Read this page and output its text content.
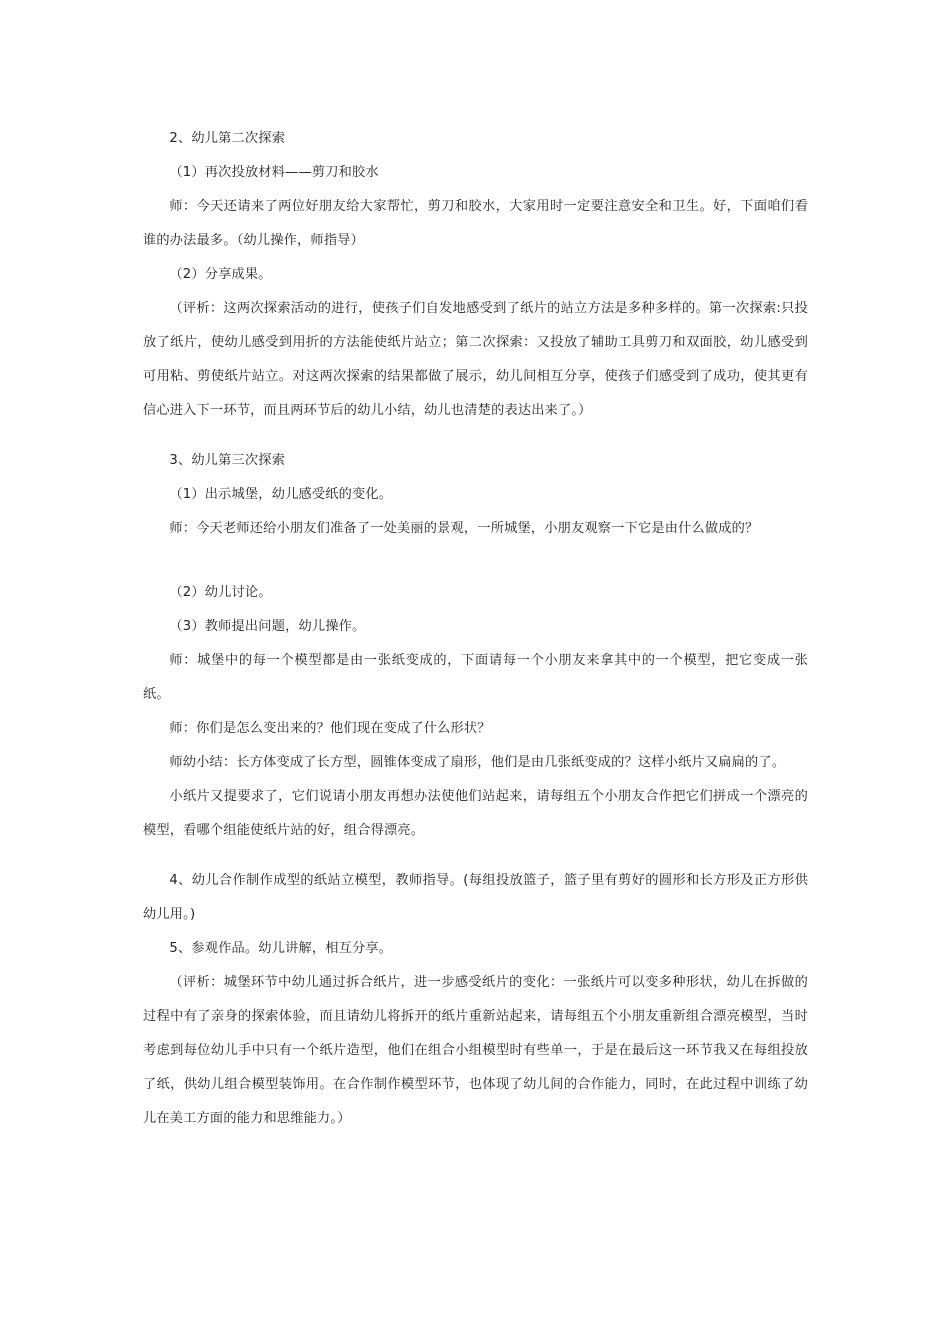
2、幼儿第二次探索

（1）再次投放材料——剪刀和胶水

师：今天还请来了两位好朋友给大家帮忙，剪刀和胶水，大家用时一定要注意安全和卫生。好，下面咱们看谁的办法最多。（幼儿操作，师指导）

（2）分享成果。

（评析：这两次探索活动的进行，使孩子们自发地感受到了纸片的站立方法是多种多样的。第一次探索:只投放了纸片，使幼儿感受到用折的方法能使纸片站立；第二次探索：又投放了辅助工具剪刀和双面胶，幼儿感受到可用粘、剪使纸片站立。对这两次探索的结果都做了展示，幼儿间相互分享，使孩子们感受到了成功，使其更有信心进入下一环节，而且两环节后的幼儿小结，幼儿也清楚的表达出来了。）

3、幼儿第三次探索

（1）出示城堡，幼儿感受纸的变化。

师：今天老师还给小朋友们准备了一处美丽的景观，一所城堡，小朋友观察一下它是由什么做成的？

（2）幼儿讨论。

（3）教师提出问题，幼儿操作。

师：城堡中的每一个模型都是由一张纸变成的，下面请每一个小朋友来拿其中的一个模型，把它变成一张纸。

师：你们是怎么变出来的？他们现在变成了什么形状？

师幼小结：长方体变成了长方型，圆锥体变成了扇形，他们是由几张纸变成的？这样小纸片又扁扁的了。

小纸片又提要求了，它们说请小朋友再想办法使他们站起来，请每组五个小朋友合作把它们拼成一个漂亮的模型，看哪个组能使纸片站的好，组合得漂亮。

4、幼儿合作制作成型的纸站立模型，教师指导。(每组投放篮子，篮子里有剪好的圆形和长方形及正方形供幼儿用。)

5、参观作品。幼儿讲解，相互分享。

（评析：城堡环节中幼儿通过拆合纸片，进一步感受纸片的变化：一张纸片可以变多种形状，幼儿在拆做的过程中有了亲身的探索体验，而且请幼儿将拆开的纸片重新站起来，请每组五个小朋友重新组合漂亮模型，当时考虑到每位幼儿手中只有一个纸片造型，他们在组合小组模型时有些单一，于是在最后这一环节我又在每组投放了纸，供幼儿组合模型装饰用。在合作制作模型环节，也体现了幼儿间的合作能力，同时，在此过程中训练了幼儿在美工方面的能力和思维能力。）
